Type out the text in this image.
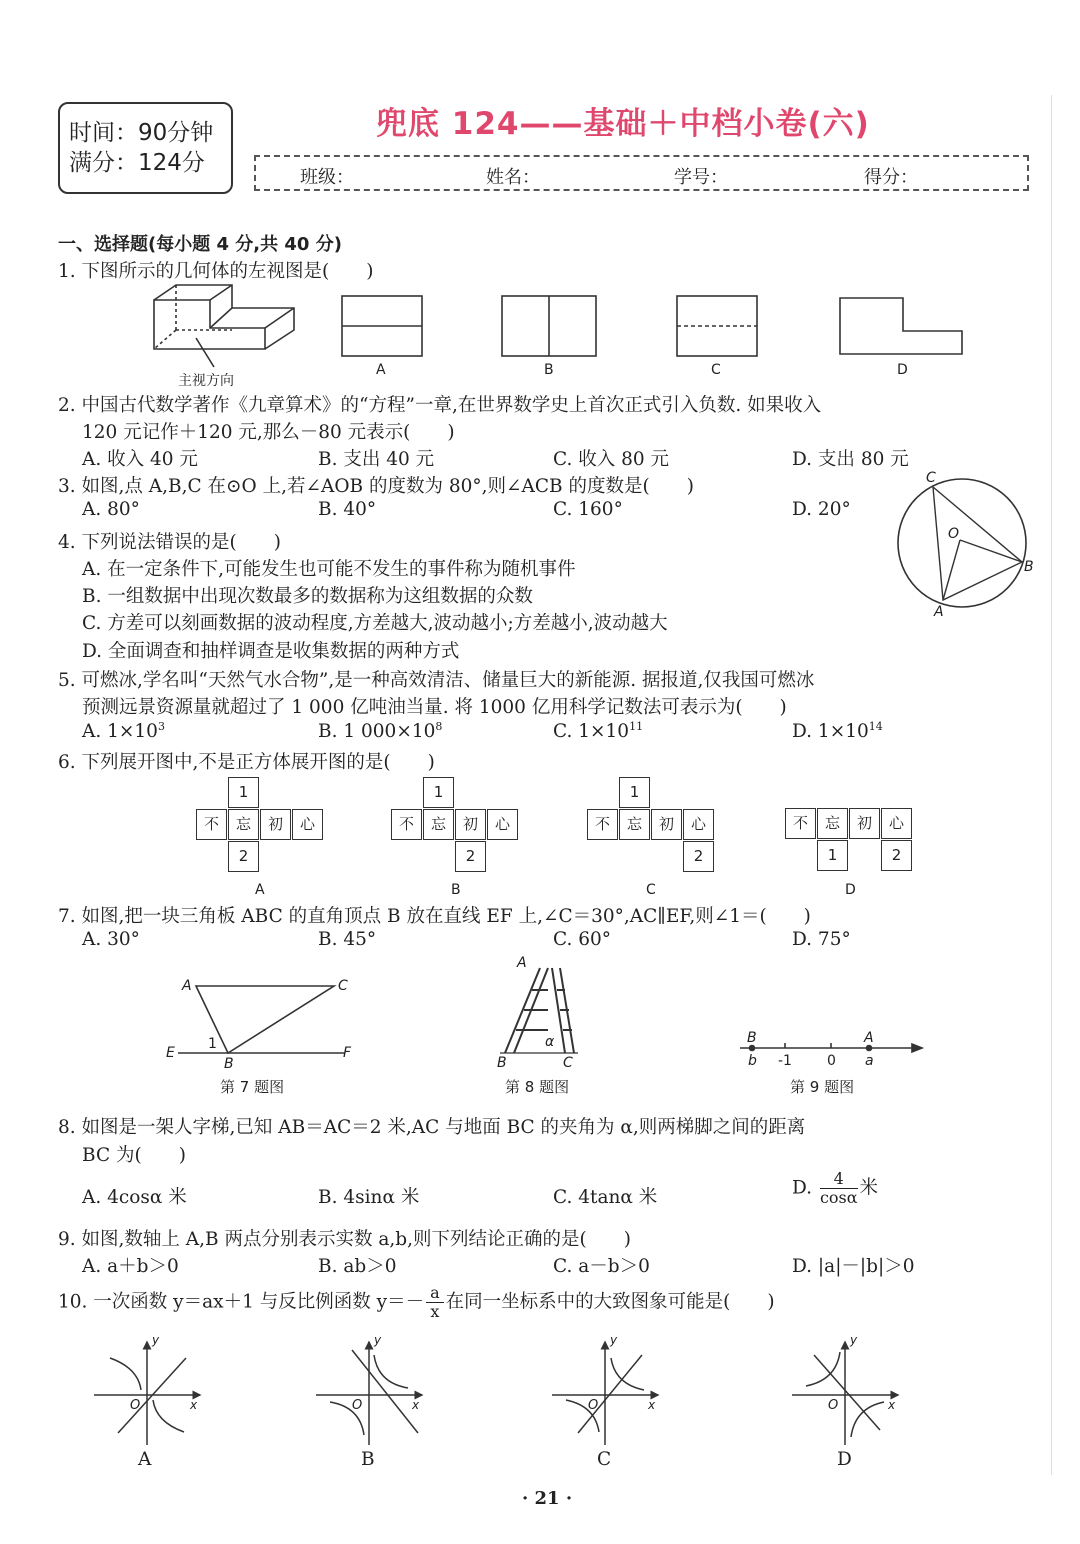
时间：90分钟
满分：124分
兜底 124——基础＋中档小卷(六)
班级：	姓名：	学号：	得分：
一、选择题(每小题 4 分,共 40 分)
1. 下图所示的几何体的左视图是(　　)
主视方向
A	B	C	D
2. 中国古代数学著作《九章算术》的“方程”一章,在世界数学史上首次正式引入负数. 如果收入
120 元记作＋120 元,那么－80 元表示(　　)
A. 收入 40 元	B. 支出 40 元	C. 收入 80 元	D. 支出 80 元
3. 如图,点 A,B,C 在⊙O 上,若∠AOB 的度数为 80°,则∠ACB 的度数是(　　)
A. 80°	B. 40°	C. 160°	D. 20°
C
O
B
A
4. 下列说法错误的是(　　)
A. 在一定条件下,可能发生也可能不发生的事件称为随机事件
B. 一组数据中出现次数最多的数据称为这组数据的众数
C. 方差可以刻画数据的波动程度,方差越大,波动越小;方差越小,波动越大
D. 全面调查和抽样调查是收集数据的两种方式
5. 可燃冰,学名叫“天然气水合物”,是一种高效清洁、储量巨大的新能源. 据报道,仅我国可燃冰
预测远景资源量就超过了 1 000 亿吨油当量. 将 1000 亿用科学记数法可表示为(　　)
A. $1\times 10^3$	B. 1 $000\times 10^8$	C. $1\times 10^{11}$	D. $1\times 10^{14}$
6. 下列展开图中,不是正方体展开图的是(　　)
1
不	忘	初	心
2
1
不	忘	初	心
2
1
不	忘	初	心
2
不	忘	初	心
1	2
A	B	C	D
7. 如图,把一块三角板 ABC 的直角顶点 B 放在直线 EF 上,∠C＝30°,AC∥EF,则∠1＝(　　)
A. 30°	B. 45°	C. 60°	D. 75°
A	C
E	F
B
1
第 7 题图
A
B	C
α
第 8 题图
B
b -1	0
A
a
第 9 题图
8. 如图是一架人字梯,已知 AB＝AC＝2 米,AC 与地面 BC 的夹角为 α,则两梯脚之间的距离
BC 为(　　)
A. 4cosα 米	B. 4sinα 米	C. 4tanα 米	D. $\frac{4}{\cos\alpha}$ 米
9. 如图,数轴上 A,B 两点分别表示实数 a,b,则下列结论正确的是(　　)
A. a＋b＞0	B. ab＞0	C. a－b＞0	D. |a|－|b|＞0
10. 一次函数 y＝ax＋1 与反比例函数 $y=- \frac{a}{x}$ 在同一坐标系中的大致图象可能是(　　)
y
x
O
y
x
O
y
x
O
y
x
O
A	B	C	D
· 21 ·
